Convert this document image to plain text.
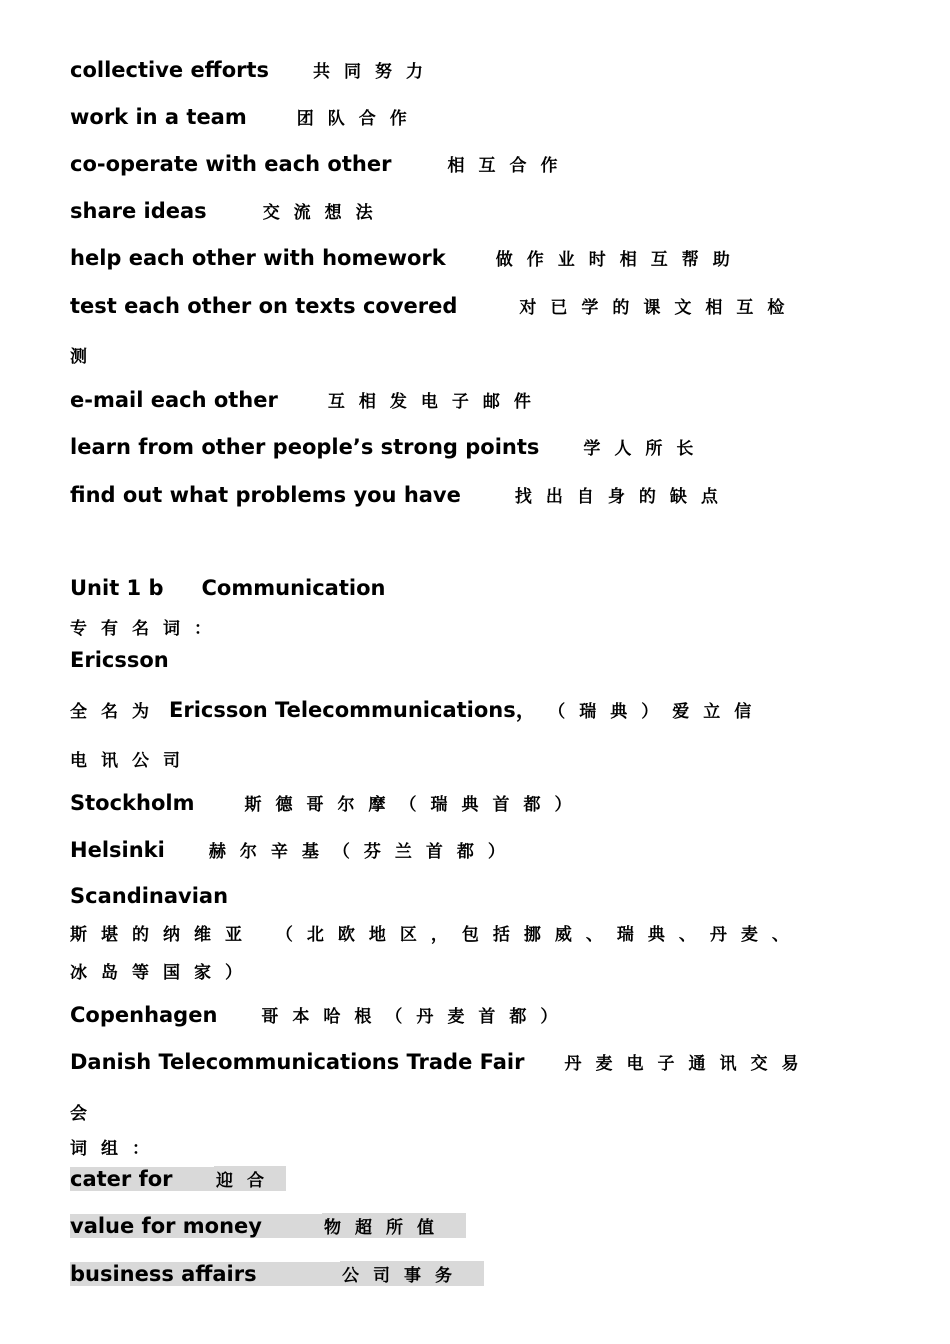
collective efforts	共同努力
work in a team	团队合作
co-operate with each other	相互合作
share ideas	交流想法
help each other with homework	做作业时相互帮助
test each other on texts covered	对已学的课文相互检
测
e-mail each other	互相发电子邮件
learn from other people’s strong points	学人所长
find out what problems you have	找出自身的缺点
Unit 1 b Communication
专有名词：
Ericsson
全名为 Ericsson Telecommunications， （瑞典）爱立信
电讯公司
Stockholm	斯德哥尔摩（瑞典首都）
Helsinki	赫尔辛基（芬兰首都）
Scandinavian
斯堪的纳维亚 （北欧地区，包括挪威、瑞典、丹麦、
冰岛等国家）
Copenhagen	哥本哈根（丹麦首都）
Danish Telecommunications Trade Fair 丹麦电子通讯交易
会
词组：
cater for	迎合
value for money	物超所值
business affairs	公司事务
